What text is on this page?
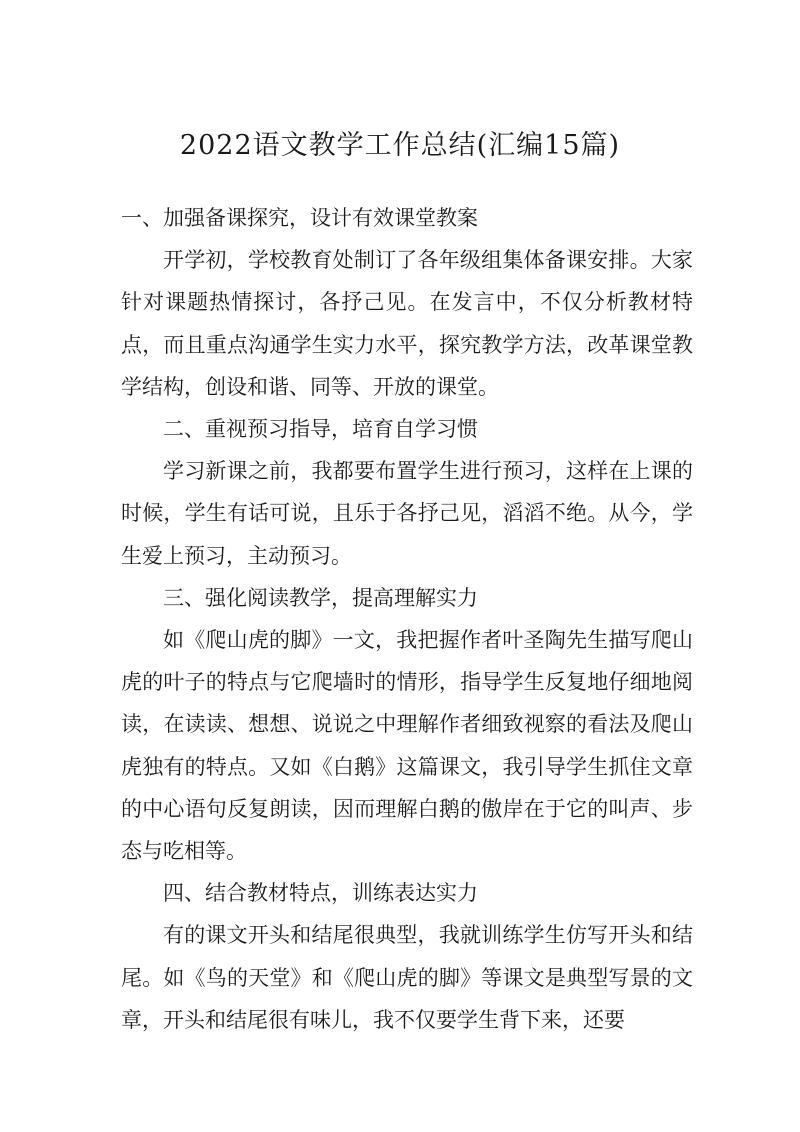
2022语文教学工作总结(汇编15篇)

一、加强备课探究，设计有效课堂教案

开学初，学校教育处制订了各年级组集体备课安排。大家针对课题热情探讨，各抒己见。在发言中，不仅分析教材特点，而且重点沟通学生实力水平，探究教学方法，改革课堂教学结构，创设和谐、同等、开放的课堂。

二、重视预习指导，培育自学习惯

学习新课之前，我都要布置学生进行预习，这样在上课的时候，学生有话可说，且乐于各抒己见，滔滔不绝。从今，学生爱上预习，主动预习。

三、强化阅读教学，提高理解实力

如《爬山虎的脚》一文，我把握作者叶圣陶先生描写爬山虎的叶子的特点与它爬墙时的情形，指导学生反复地仔细地阅读，在读读、想想、说说之中理解作者细致视察的看法及爬山虎独有的特点。又如《白鹅》这篇课文，我引导学生抓住文章的中心语句反复朗读，因而理解白鹅的傲岸在于它的叫声、步态与吃相等。

四、结合教材特点，训练表达实力

有的课文开头和结尾很典型，我就训练学生仿写开头和结尾。如《鸟的天堂》和《爬山虎的脚》等课文是典型写景的文章，开头和结尾很有味儿，我不仅要学生背下来，还要
